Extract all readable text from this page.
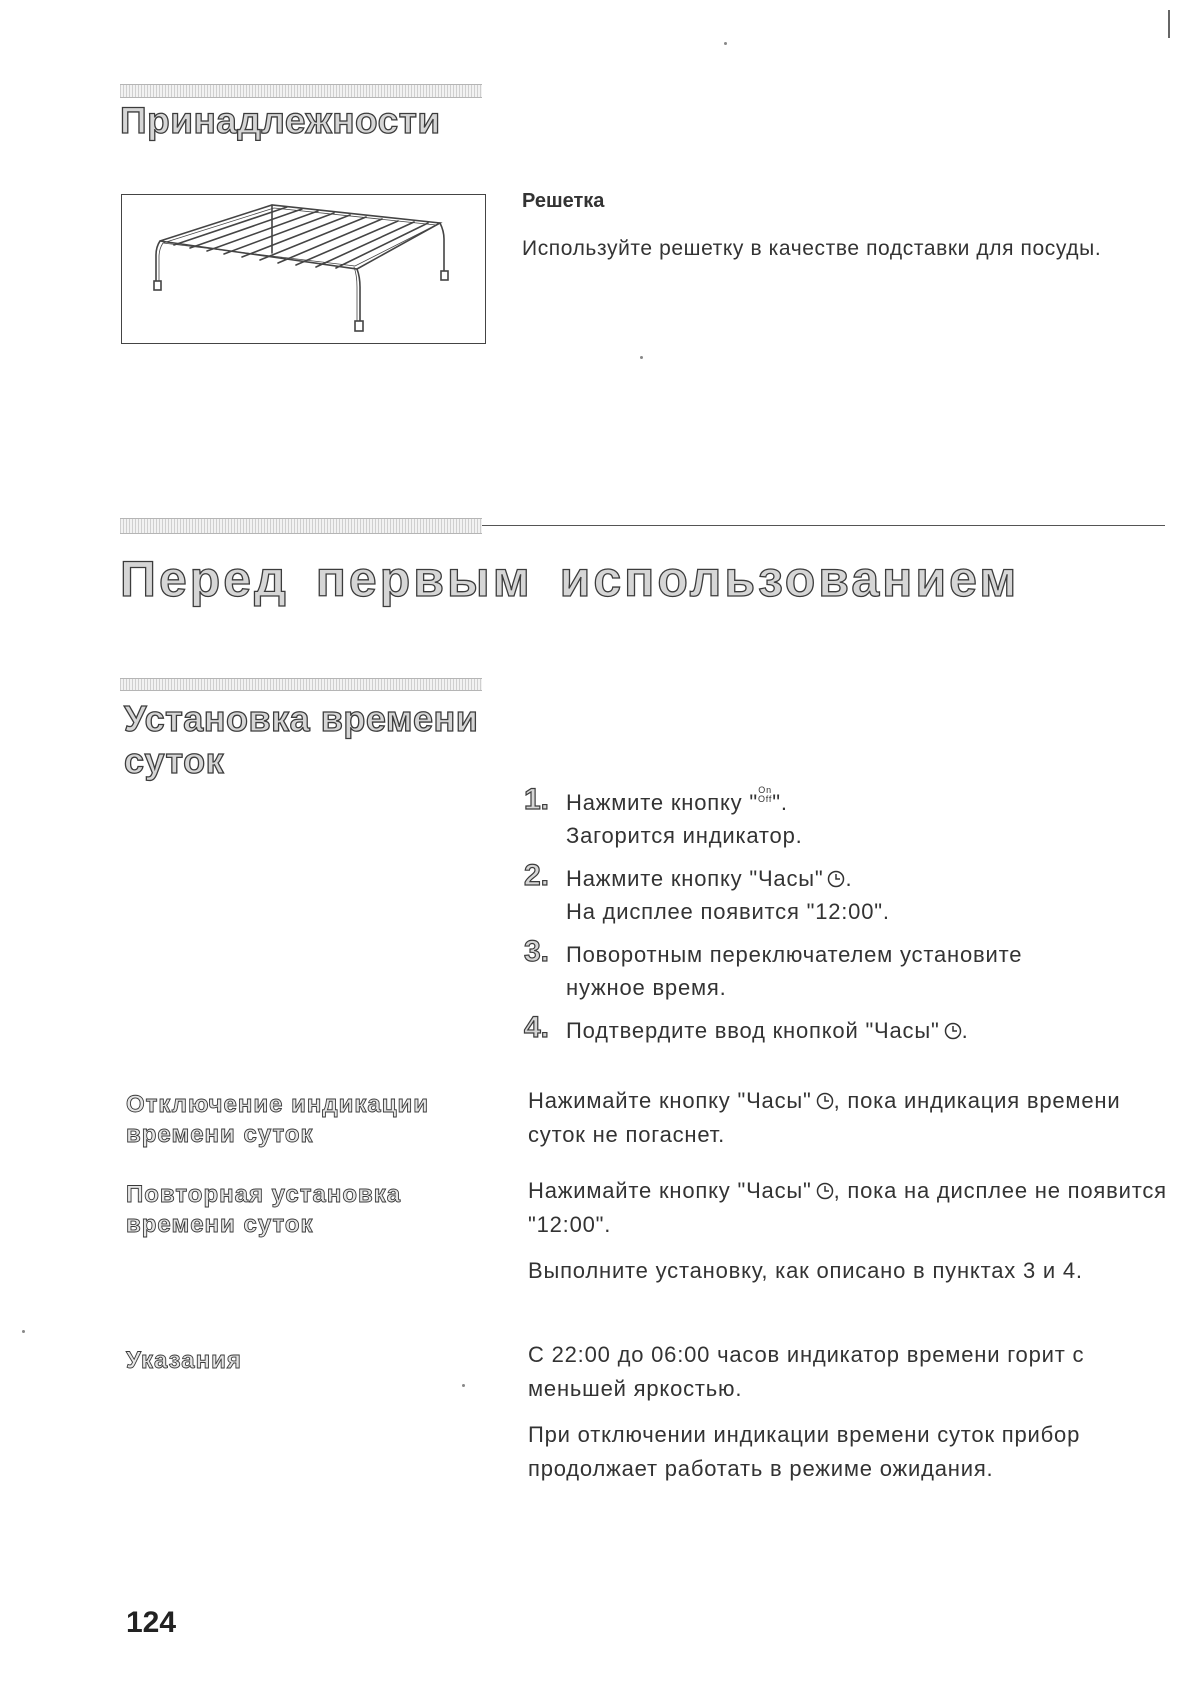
Принадлежности
Решетка
Используйте решетку в качестве подставки для посуды.
Перед первым использованием
Установка времени суток
1. Нажмите кнопку "On
Off".
Загорится индикатор.
2. Нажмите кнопку "Часы" .
На дисплее появится "12:00".
3. Поворотным переключателем установите
нужное время.
4. Подтвердите ввод кнопкой "Часы" .
Отключение индикации времени суток
Нажимайте кнопку "Часы" , пока индикация времени суток не погаснет.
Повторная установка времени суток
Нажимайте кнопку "Часы" , пока на дисплее не появится "12:00".
Выполните установку, как описано в пунктах 3 и 4.
Указания	С 22:00 до 06:00 часов индикатор времени горит с меньшей яркостью.
При отключении индикации времени суток прибор продолжает работать в режиме ожидания.
124
